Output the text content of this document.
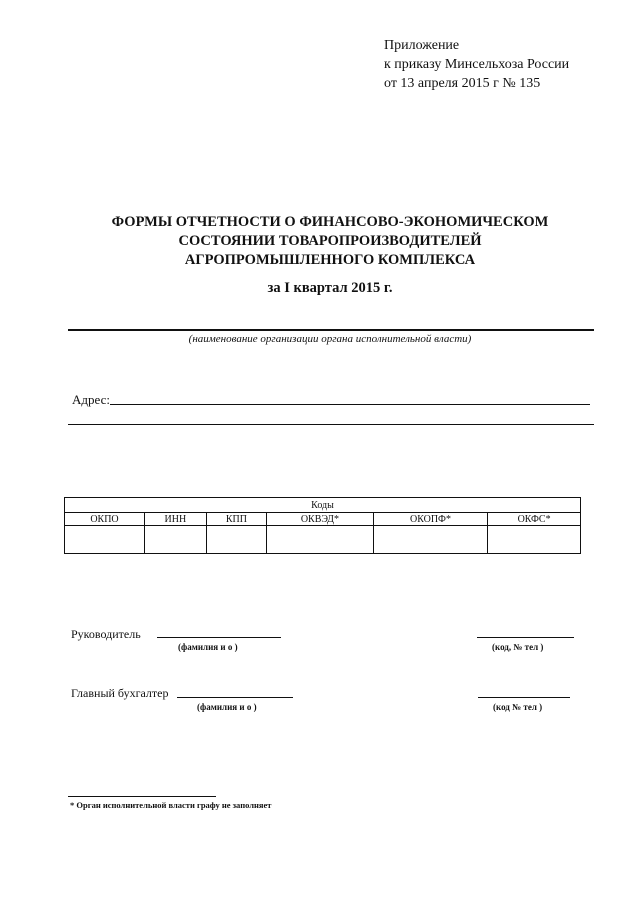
Приложение
к приказу Минсельхоза России
от 13 апреля 2015 г № 135
ФОРМЫ ОТЧЕТНОСТИ О ФИНАНСОВО-ЭКОНОМИЧЕСКОМ
СОСТОЯНИИ ТОВАРОПРОИЗВОДИТЕЛЕЙ
АГРОПРОМЫШЛЕННОГО КОМПЛЕКСА
за I квартал 2015 г.
(наименование организации органа исполнительной власти)
Адрес:
Коды					
ОКПО	ИНН	КПП	ОКВЭД*	ОКОПФ*	ОКФС*

Руководитель
(фамилия и о )	(код, № тел )
Главный бухгалтер
(фамилия и о )	(код № тел )
* Орган исполнительной власти графу не заполняет
